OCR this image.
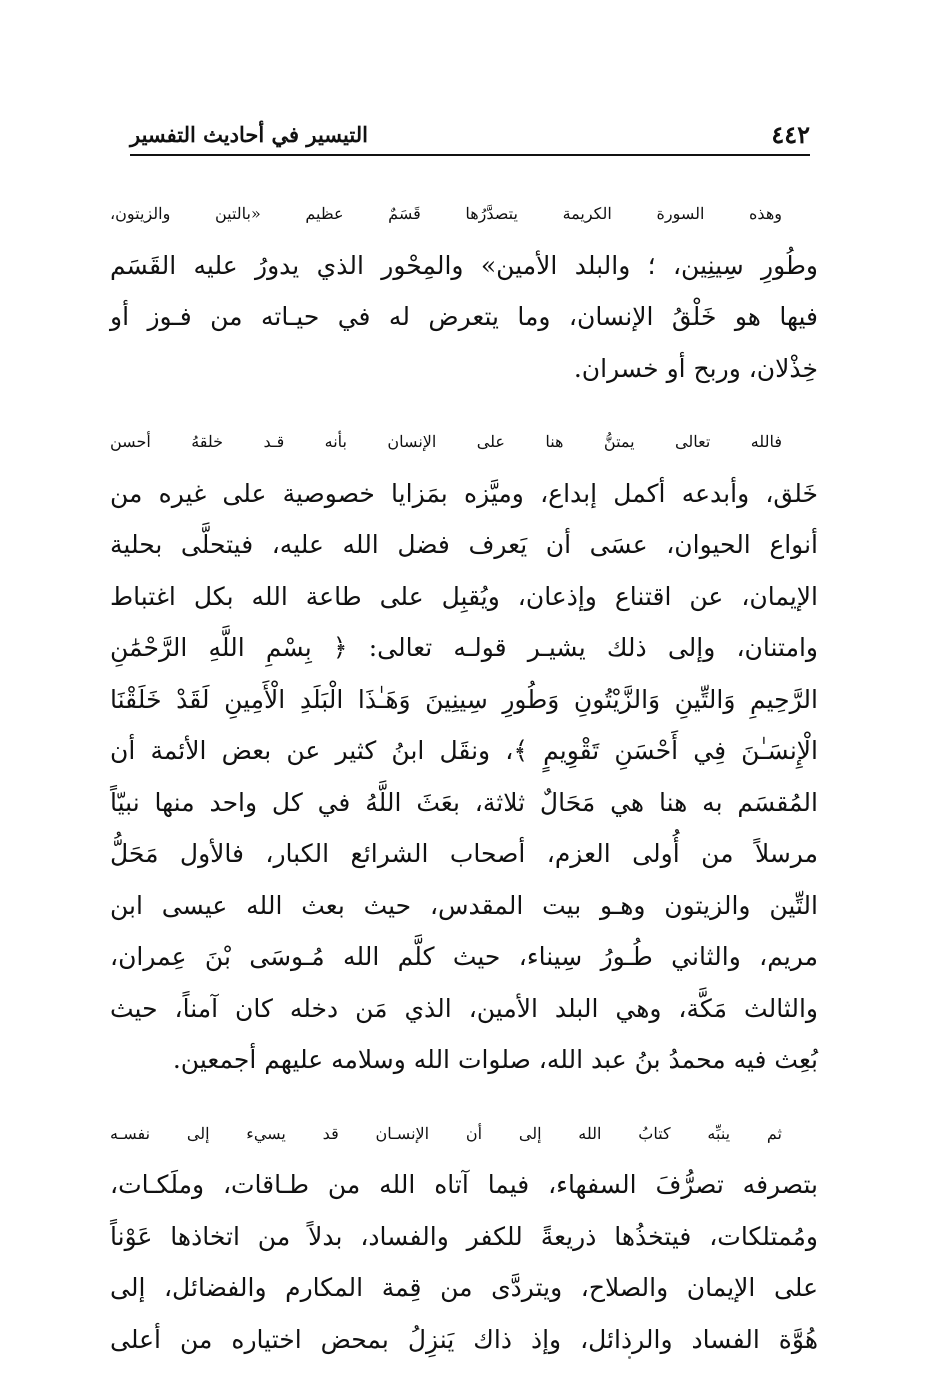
٤٤٢
التيسير في أحاديث التفسير

وهذه السورة الكريمة يتصدَّرُها قَسَمٌ عظيم «بالتين والزيتون،
وطُورِ سِينِين، ؛ والبلد الأمين» والمِحْور الذي يدورُ عليه القَسَم
فيها هو خَلْقُ الإنسان، وما يتعرض له في حيـاته من فـوز أو
خِذْلان، وربح أو خسران.

فالله تعالى يمتنُّ هنا على الإنسان بأنه قـد خلقهُ أحسن
خَلق، وأبدعه أكمل إبداع، وميَّزه بمَزايا خصوصية على غيره من
أنواع الحيوان، عسَى أن يَعرف فضل الله عليه، فيتحلَّى بحلية
الإيمان، عن اقتناع وإذعان، ويُقبِل على طاعة الله بكل اغتباط
وامتنان، وإلى ذلك يشيـر قولـه تعالى: ﴿ بِسْمِ اللَّهِ الرَّحْمَٰنِ
الرَّحِيمِ وَالتِّينِ وَالزَّيْتُونِ وَطُورِ سِينِينَ وَهَـٰذَا الْبَلَدِ الْأَمِينِ لَقَدْ خَلَقْنَا
الْإِنسَـٰنَ فِي أَحْسَنِ تَقْوِيمٍ ﴾، ونقَل ابنُ كثير عن بعض الأئمة أن
المُقسَم به هنا هي مَحَالٌ ثلاثة، بعَثَ اللَّهُ في كل واحد منها نبيّاً
مرسلاً من أُولى العزم، أصحاب الشرائع الكبار، فالأول مَحَلُّ
التِّين والزيتون وهـو بيت المقدس، حيث بعث الله عيسى ابن
مريم، والثاني طُـورُ سِيناء، حيث كلَّم الله مُـوسَى بْنَ عِمران،
والثالث مَكَّة، وهي البلد الأمين، الذي مَن دخله كان آمناً، حيث
بُعِث فيه محمدُ بنُ عبد الله، صلوات الله وسلامه عليهم أجمعين.

ثم ينبِّه كتابُ الله إلى أن الإنسـان قد يسيء إلى نفسـه
بتصرفه تصرُّفَ السفهاء، فيما آتاه الله من طـاقات، وملَكـات،
ومُمتلكات، فيتخذُها ذريعةً للكفر والفساد، بدلاً من اتخاذها عَوْناً
على الإيمان والصلاح، ويتردَّى من قِمة المكارم والفضائل، إلى
هُوَّة الفساد والرذائل، وإذ ذاك يَنزِلُ بمحض اختياره من أعلى
